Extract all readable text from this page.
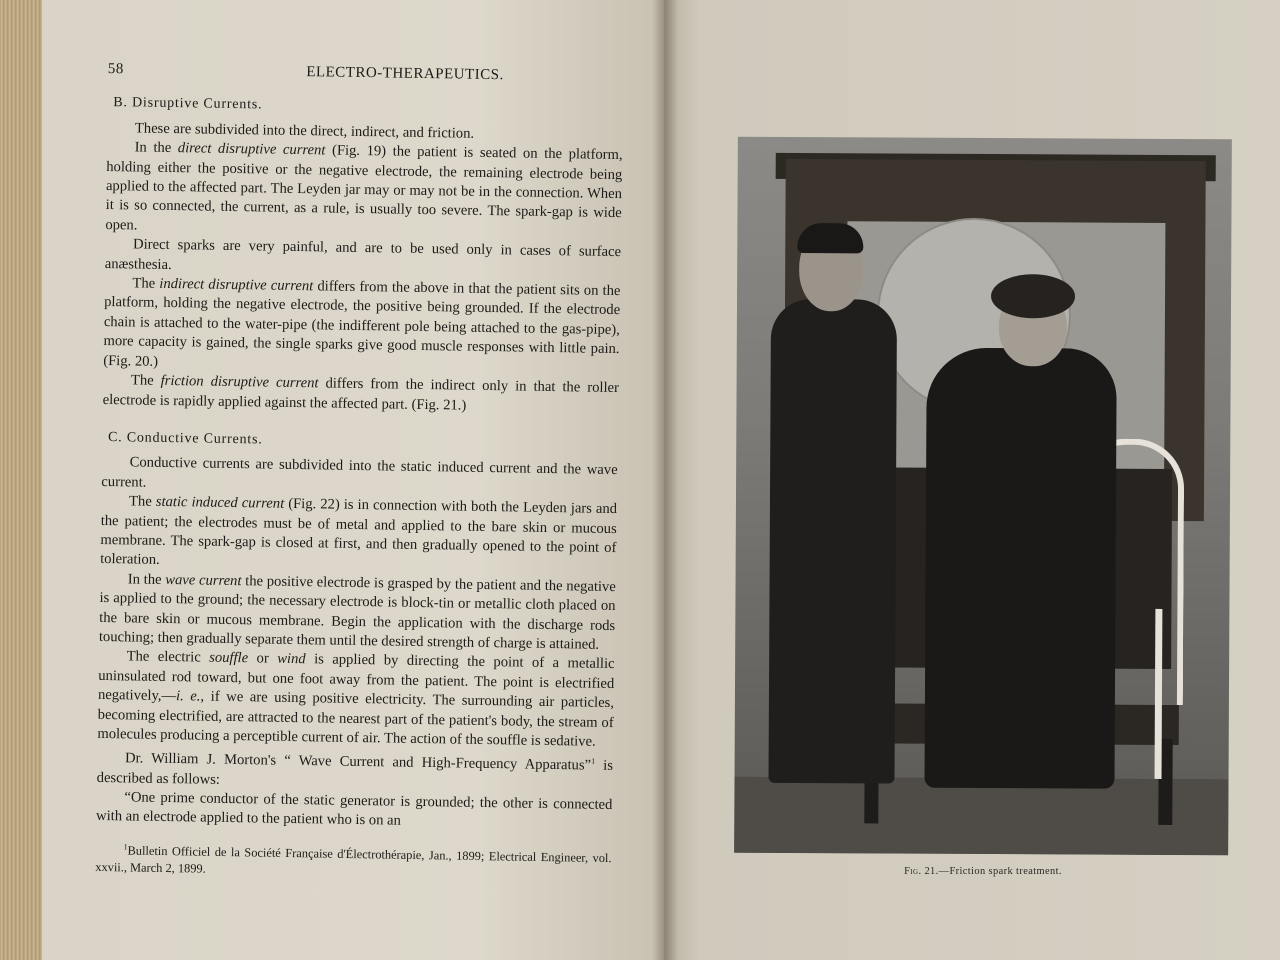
58	ELECTRO-THERAPEUTICS.
B. Disruptive Currents.

These are subdivided into the direct, indirect, and friction.

In the direct disruptive current (Fig. 19) the patient is seated on the platform, holding either the positive or the negative electrode, the remaining electrode being applied to the affected part. The Leyden jar may or may not be in the connection. When it is so connected, the current, as a rule, is usually too severe. The spark-gap is wide open.

Direct sparks are very painful, and are to be used only in cases of surface anæsthesia.

The indirect disruptive current differs from the above in that the patient sits on the platform, holding the negative electrode, the positive being grounded. If the electrode chain is attached to the water-pipe (the indifferent pole being attached to the gas-pipe), more capacity is gained, the single sparks give good muscle responses with little pain. (Fig. 20.)

The friction disruptive current differs from the indirect only in that the roller electrode is rapidly applied against the affected part. (Fig. 21.)

C. Conductive Currents.

Conductive currents are subdivided into the static induced current and the wave current.

The static induced current (Fig. 22) is in connection with both the Leyden jars and the patient; the electrodes must be of metal and applied to the bare skin or mucous membrane. The spark-gap is closed at first, and then gradually opened to the point of toleration.

In the wave current the positive electrode is grasped by the patient and the negative is applied to the ground; the necessary electrode is block-tin or metallic cloth placed on the bare skin or mucous membrane. Begin the application with the discharge rods touching; then gradually separate them until the desired strength of charge is attained.

The electric souffle or wind is applied by directing the point of a metallic uninsulated rod toward, but one foot away from the patient. The point is electrified negatively,—i. e., if we are using positive electricity. The surrounding air particles, becoming electrified, are attracted to the nearest part of the patient's body, the stream of molecules producing a perceptible current of air. The action of the souffle is sedative.

Dr. William J. Morton's “ Wave Current and High-Frequency Apparatus”$^1$ is described as follows:

“One prime conductor of the static generator is grounded; the other is connected with an electrode applied to the patient who is on an

$^1$Bulletin Officiel de la Société Française d'Électrothérapie, Jan., 1899; Electrical Engineer, vol. xxvii., March 2, 1899.	Fig. 21.—Friction spark treatment.
